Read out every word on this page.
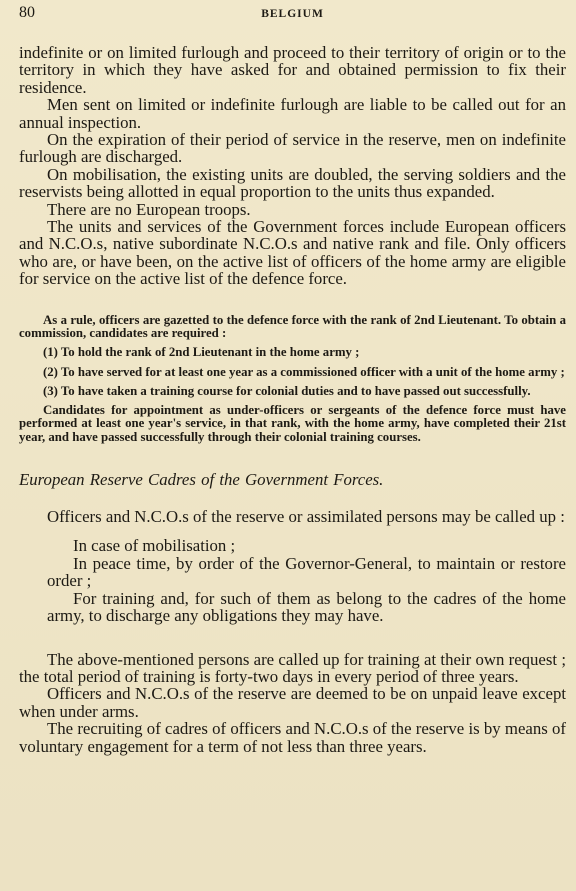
80	BELGIUM

indefinite or on limited furlough and proceed to their territory of origin or to the territory in which they have asked for and obtained permission to fix their residence.

Men sent on limited or indefinite furlough are liable to be called out for an annual inspection.

On the expiration of their period of service in the reserve, men on indefinite furlough are discharged.

On mobilisation, the existing units are doubled, the serving soldiers and the reservists being allotted in equal proportion to the units thus expanded.

There are no European troops.

The units and services of the Government forces include European officers and N.C.O.s, native subordinate N.C.O.s and native rank and file. Only officers who are, or have been, on the active list of officers of the home army are eligible for service on the active list of the defence force.

As a rule, officers are gazetted to the defence force with the rank of 2nd Lieutenant. To obtain a commission, candidates are required :

(1) To hold the rank of 2nd Lieutenant in the home army ;

(2) To have served for at least one year as a commissioned officer with a unit of the home army ;

(3) To have taken a training course for colonial duties and to have passed out successfully.

Candidates for appointment as under-officers or sergeants of the defence force must have performed at least one year's service, in that rank, with the home army, have completed their 21st year, and have passed successfully through their colonial training courses.

European Reserve Cadres of the Government Forces.

Officers and N.C.O.s of the reserve or assimilated persons may be called up :

In case of mobilisation ;

In peace time, by order of the Governor-General, to maintain or restore order ;

For training and, for such of them as belong to the cadres of the home army, to discharge any obligations they may have.

The above-mentioned persons are called up for training at their own request ; the total period of training is forty-two days in every period of three years.

Officers and N.C.O.s of the reserve are deemed to be on unpaid leave except when under arms.

The recruiting of cadres of officers and N.C.O.s of the reserve is by means of voluntary engagement for a term of not less than three years.
